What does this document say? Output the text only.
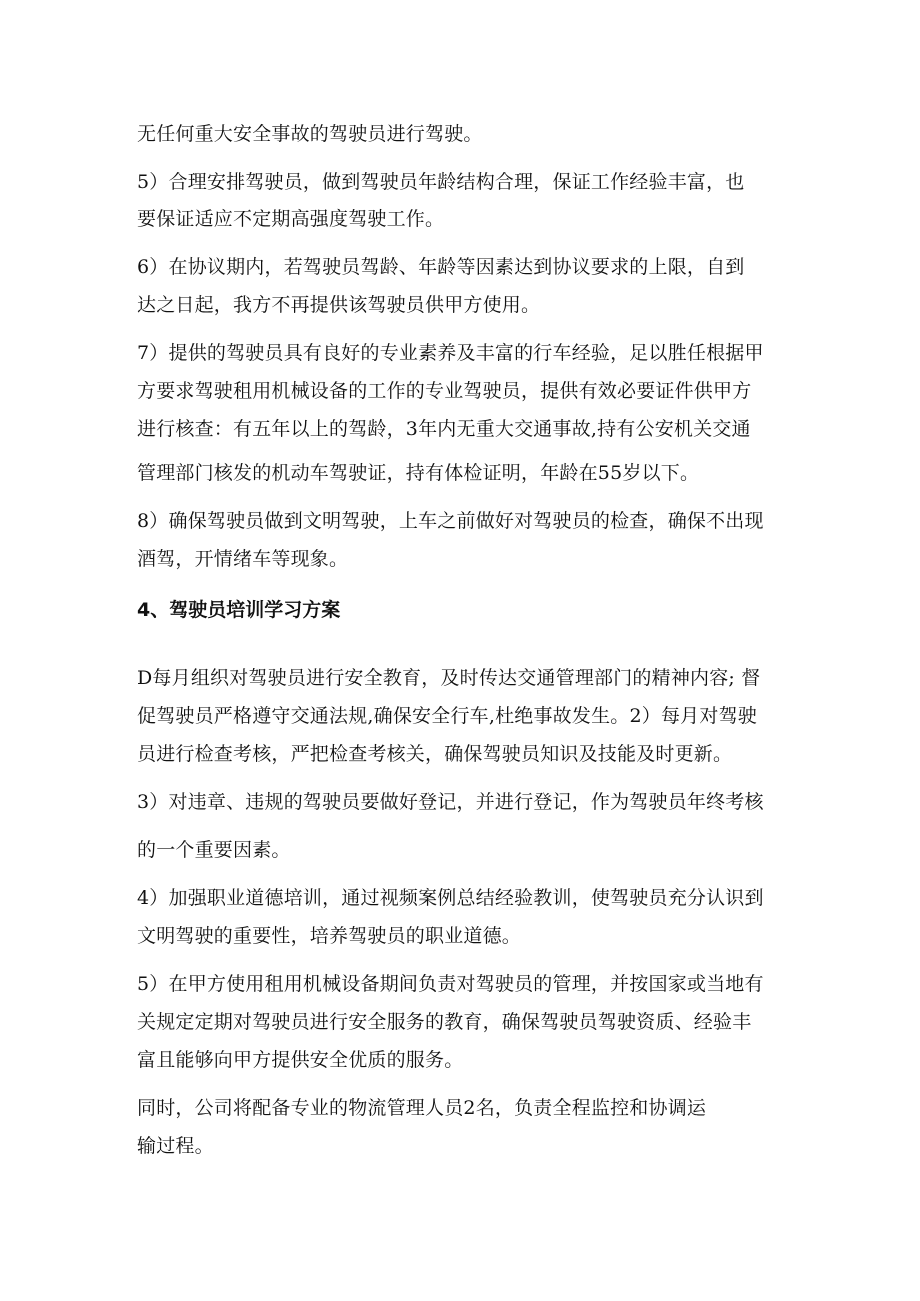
无任何重大安全事故的驾驶员进行驾驶。
5）合理安排驾驶员，做到驾驶员年龄结构合理，保证工作经验丰富，也
要保证适应不定期高强度驾驶工作。
6）在协议期内，若驾驶员驾龄、年龄等因素达到协议要求的上限，自到
达之日起，我方不再提供该驾驶员供甲方使用。
7）提供的驾驶员具有良好的专业素养及丰富的行车经验，足以胜任根据甲
方要求驾驶租用机械设备的工作的专业驾驶员，提供有效必要证件供甲方
进行核查：有五年以上的驾龄，3年内无重大交通事故,持有公安机关交通
管理部门核发的机动车驾驶证，持有体检证明，年龄在55岁以下。
8）确保驾驶员做到文明驾驶，上车之前做好对驾驶员的检查，确保不出现
酒驾，开情绪车等现象。
4、驾驶员培训学习方案
D每月组织对驾驶员进行安全教育，及时传达交通管理部门的精神内容; 督
促驾驶员严格遵守交通法规,确保安全行车,杜绝事故发生。2）每月对驾驶
员进行检查考核，严把检查考核关，确保驾驶员知识及技能及时更新。
3）对违章、违规的驾驶员要做好登记，并进行登记，作为驾驶员年终考核
的一个重要因素。
4）加强职业道德培训，通过视频案例总结经验教训，使驾驶员充分认识到
文明驾驶的重要性，培养驾驶员的职业道德。
5）在甲方使用租用机械设备期间负责对驾驶员的管理，并按国家或当地有
关规定定期对驾驶员进行安全服务的教育，确保驾驶员驾驶资质、经验丰
富且能够向甲方提供安全优质的服务。
同时，公司将配备专业的物流管理人员2名，负责全程监控和协调运
输过程。
